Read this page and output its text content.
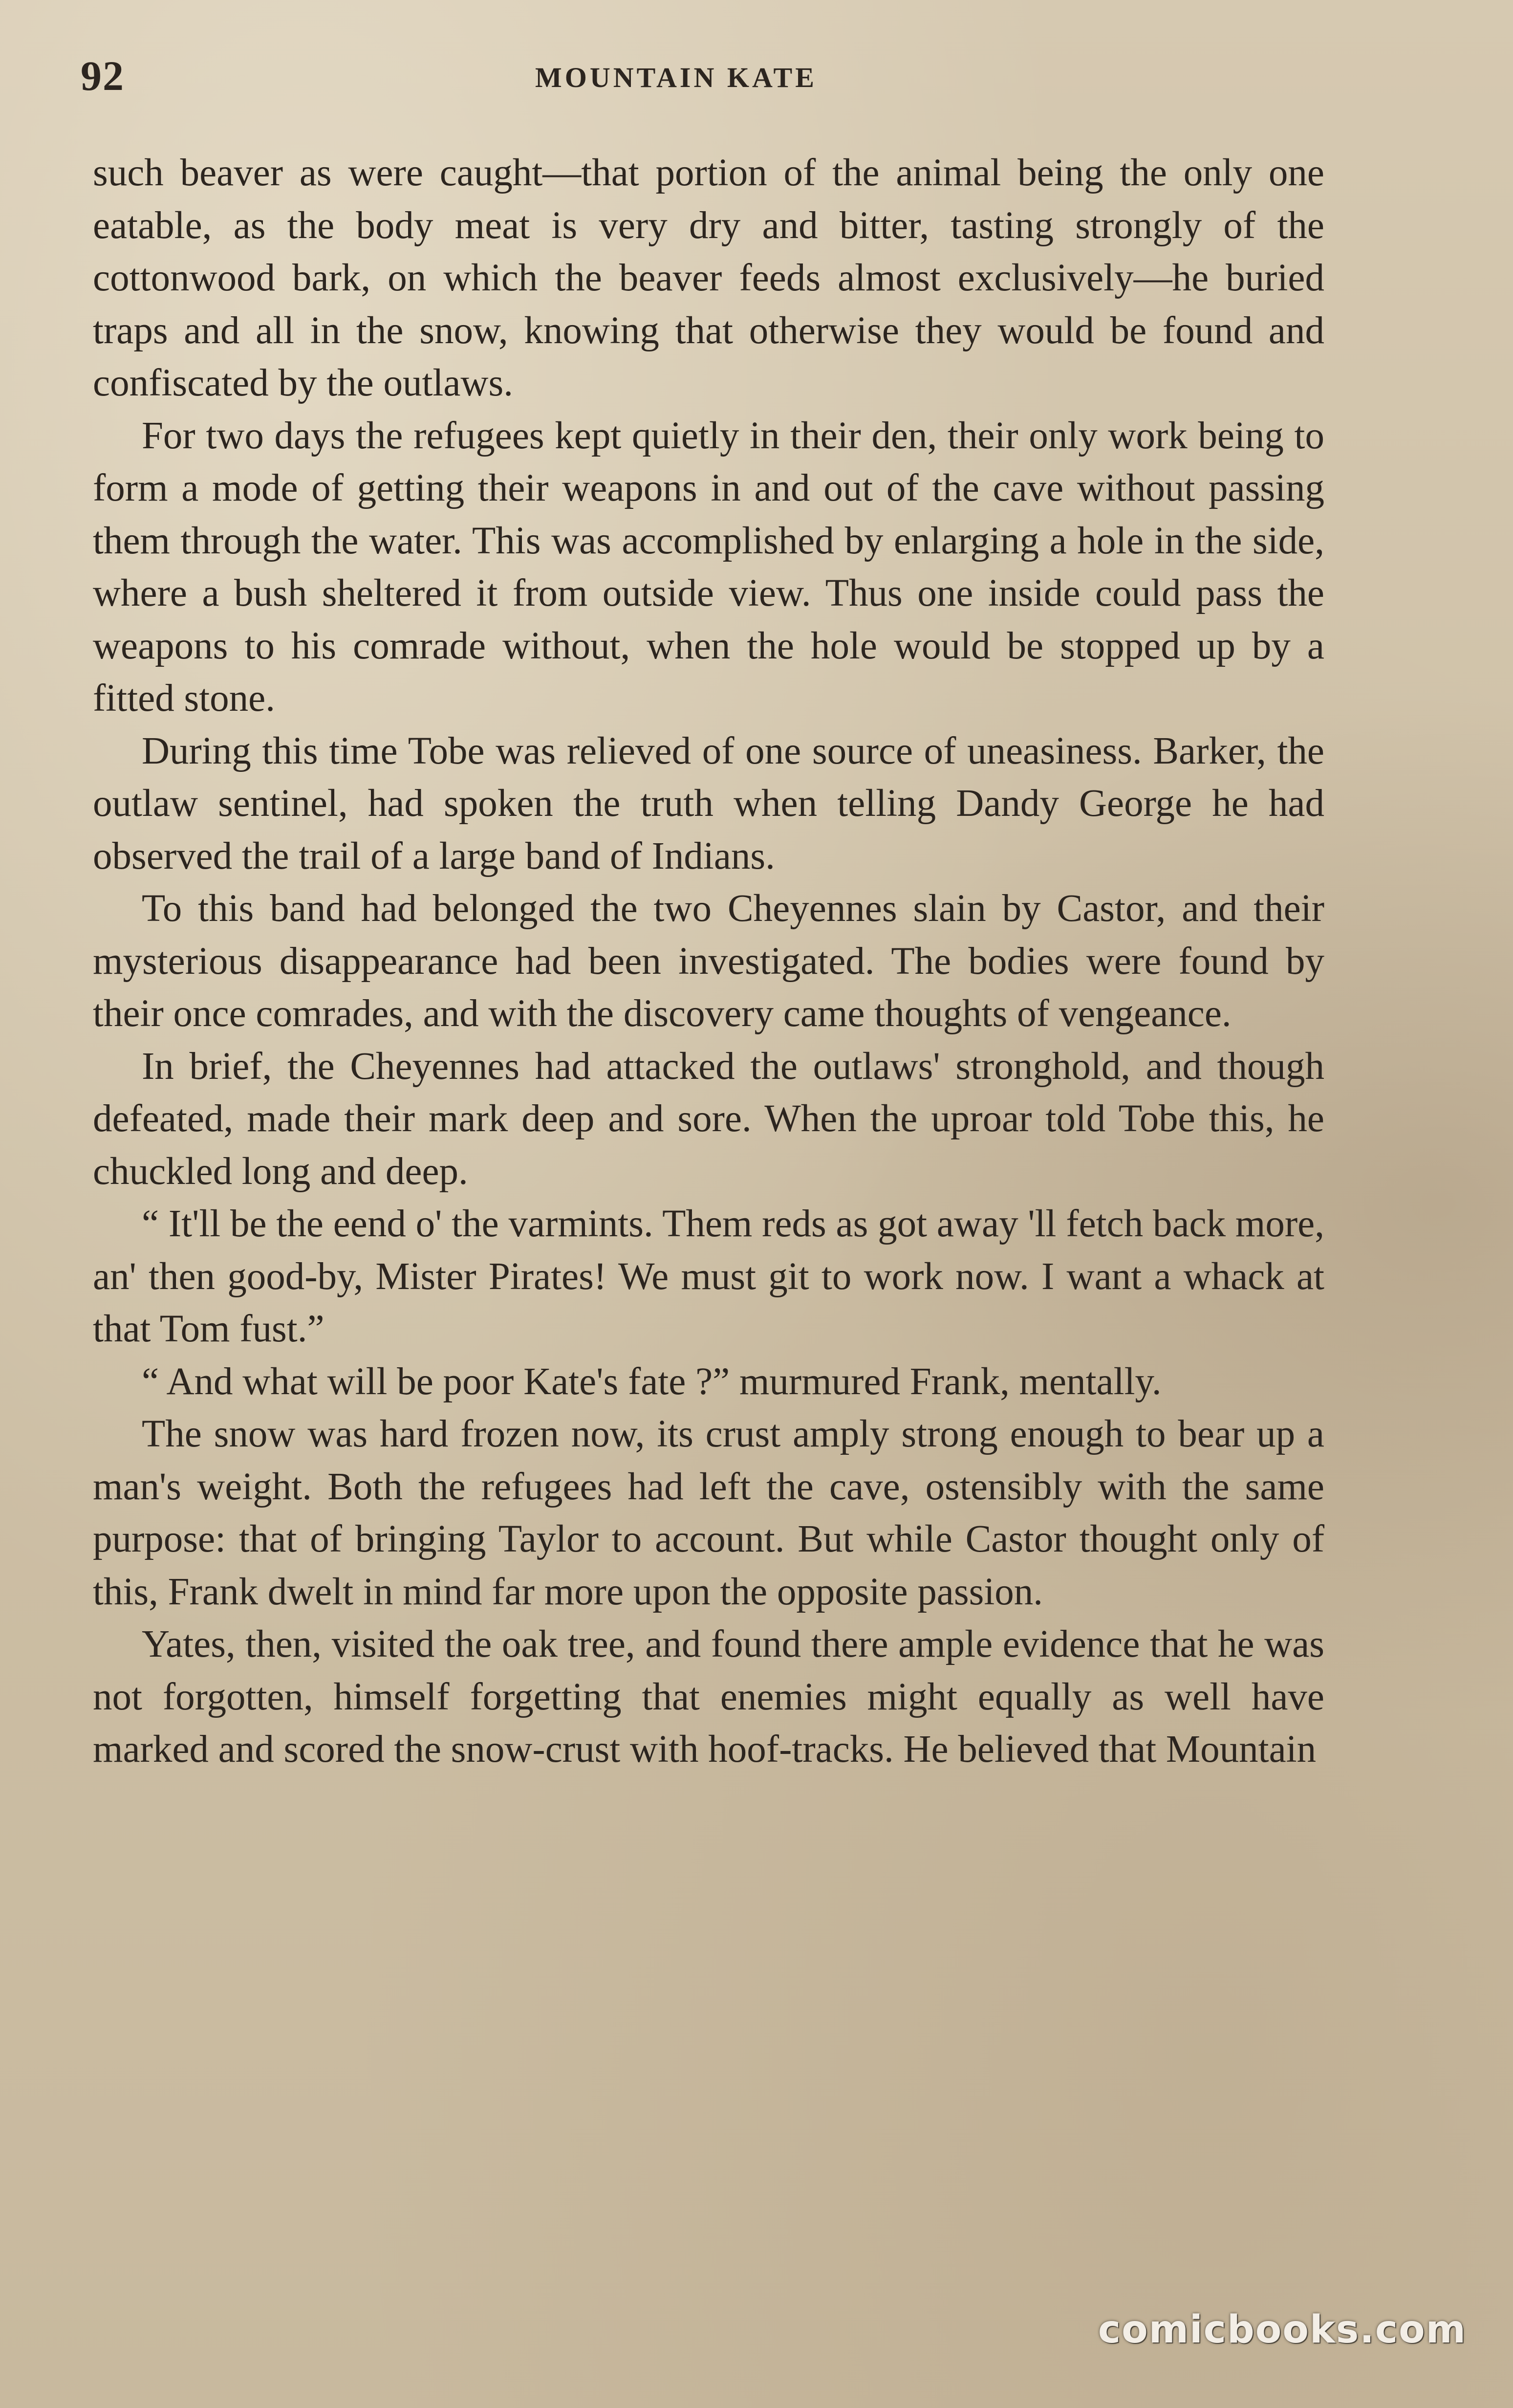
92	MOUNTAIN KATE

such beaver as were caught—that portion of the animal being the only one eatable, as the body meat is very dry and bitter, tasting strongly of the cottonwood bark, on which the beaver feeds almost exclusively—he buried traps and all in the snow, knowing that otherwise they would be found and confiscated by the outlaws.

For two days the refugees kept quietly in their den, their only work being to form a mode of getting their weapons in and out of the cave without passing them through the water. This was accomplished by enlarging a hole in the side, where a bush sheltered it from outside view. Thus one inside could pass the weapons to his comrade without, when the hole would be stopped up by a fitted stone.

During this time Tobe was relieved of one source of uneasiness. Barker, the outlaw sentinel, had spoken the truth when telling Dandy George he had observed the trail of a large band of Indians.

To this band had belonged the two Cheyennes slain by Castor, and their mysterious disappearance had been investigated. The bodies were found by their once comrades, and with the discovery came thoughts of vengeance.

In brief, the Cheyennes had attacked the outlaws' stronghold, and though defeated, made their mark deep and sore. When the uproar told Tobe this, he chuckled long and deep.

“ It'll be the eend o' the varmints. Them reds as got away 'll fetch back more, an' then good-by, Mister Pirates! We must git to work now. I want a whack at that Tom fust.”

“ And what will be poor Kate's fate ?” murmured Frank, mentally.

The snow was hard frozen now, its crust amply strong enough to bear up a man's weight. Both the refugees had left the cave, ostensibly with the same purpose: that of bringing Taylor to account. But while Castor thought only of this, Frank dwelt in mind far more upon the opposite passion.

Yates, then, visited the oak tree, and found there ample evidence that he was not forgotten, himself forgetting that enemies might equally as well have marked and scored the snow-crust with hoof-tracks. He believed that Mountain

comicbooks.com
